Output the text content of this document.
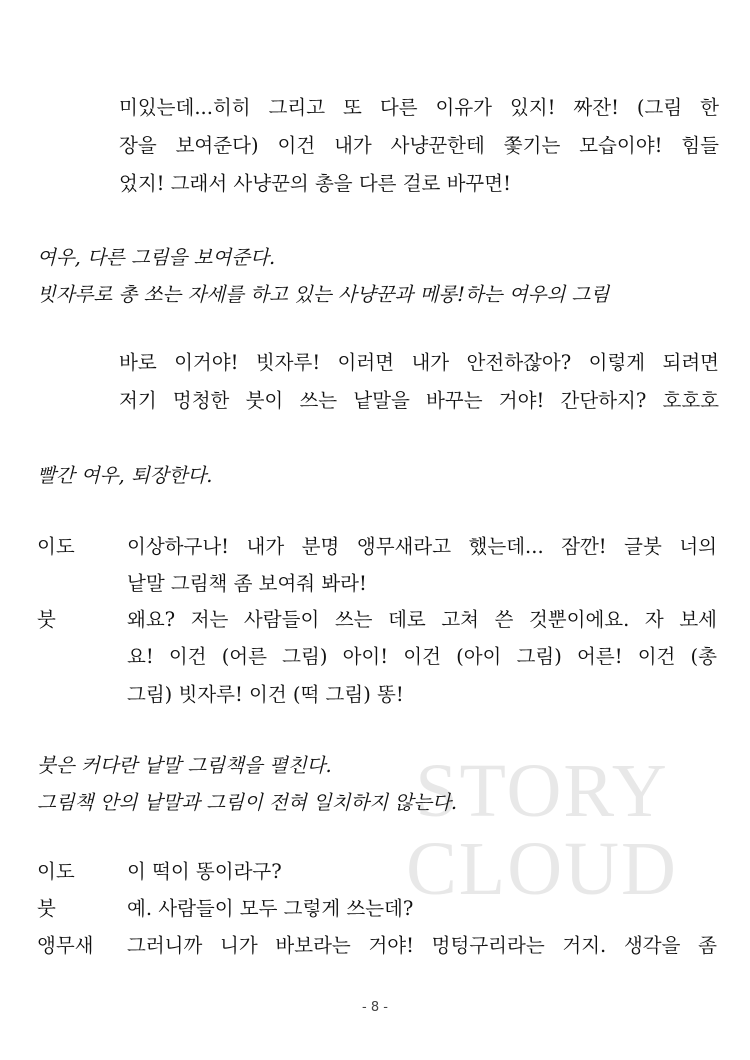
STORY
CLOUD
미있는데...히히 그리고 또 다른 이유가 있지! 짜잔! (그림 한
장을 보여준다) 이건 내가 사냥꾼한테 쫓기는 모습이야! 힘들
었지! 그래서 사냥꾼의 총을 다른 걸로 바꾸면!
여우, 다른 그림을 보여준다.
빗자루로 총 쏘는 자세를 하고 있는 사냥꾼과 메롱!하는 여우의 그림
바로 이거야! 빗자루! 이러면 내가 안전하잖아? 이렇게 되려면
저기 멍청한 붓이 쓰는 낱말을 바꾸는 거야! 간단하지? 호호호
빨간 여우, 퇴장한다.
이도	이상하구나! 내가 분명 앵무새라고 했는데... 잠깐! 글붓 너의
낱말 그림책 좀 보여줘 봐라!
붓	왜요? 저는 사람들이 쓰는 데로 고쳐 쓴 것뿐이에요. 자 보세
요! 이건 (어른 그림) 아이! 이건 (아이 그림) 어른! 이건 (총
그림) 빗자루! 이건 (떡 그림) 똥!
붓은 커다란 낱말 그림책을 펼친다.
그림책 안의 낱말과 그림이 전혀 일치하지 않는다.
이도	이 떡이 똥이라구?
붓	예. 사람들이 모두 그렇게 쓰는데?
앵무새 그러니까 니가 바보라는 거야! 멍텅구리라는 거지. 생각을 좀
- 8 -
